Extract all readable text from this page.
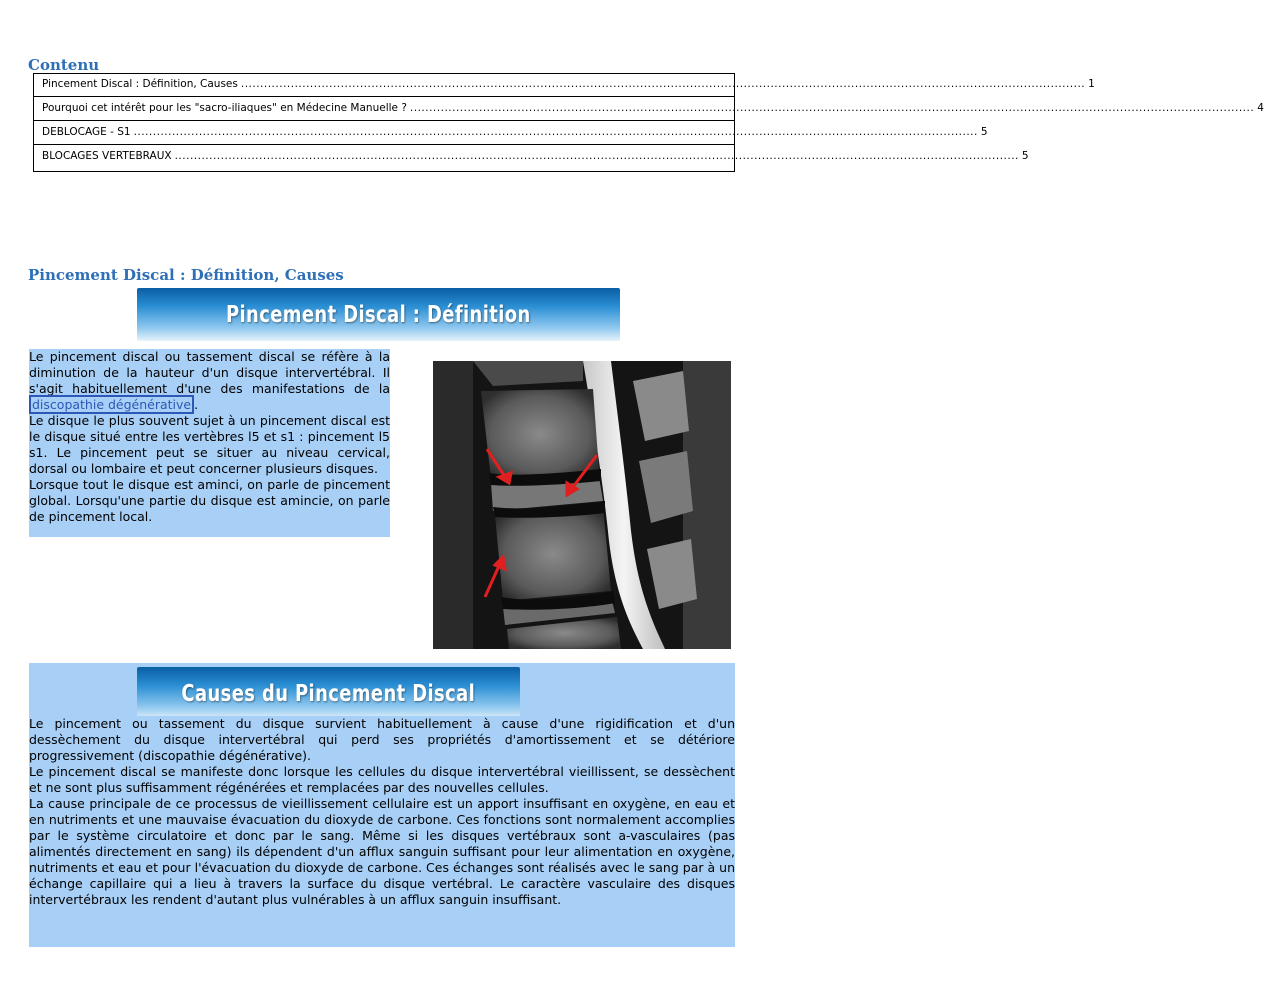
Contenu
Pincement Discal : Définition, Causes ............................................................................................................................................................................................................................ 1
Pourquoi cet intérêt pour les "sacro-iliaques" en Médecine Manuelle ? ............................................................................................................................................................................................................................ 4
DEBLOCAGE - S1 ............................................................................................................................................................................................................................ 5
BLOCAGES VERTEBRAUX ............................................................................................................................................................................................................................ 5
Pincement Discal : Définition, Causes
Pincement Discal : Définition

Le pincement discal ou tassement discal se réfère à la diminution de la hauteur d'un disque intervertébral. Il s'agit habituellement d'une des manifestations de la discopathie dégénérative .

Le disque le plus souvent sujet à un pincement discal est le disque situé entre les vertèbres l5 et s1 : pincement l5 s1. Le pincement peut se situer au niveau cervical, dorsal ou lombaire et peut concerner plusieurs disques.

Lorsque tout le disque est aminci, on parle de pincement global. Lorsqu'une partie du disque est amincie, on parle de pincement local.

Causes du Pincement Discal

Le pincement ou tassement du disque survient habituellement à cause d'une rigidification et d'un dessèchement du disque intervertébral qui perd ses propriétés d'amortissement et se détériore progressivement (discopathie dégénérative).

Le pincement discal se manifeste donc lorsque les cellules du disque intervertébral vieillissent, se dessèchent et ne sont plus suffisamment régénérées et remplacées par des nouvelles cellules.

La cause principale de ce processus de vieillissement cellulaire est un apport insuffisant en oxygène, en eau et en nutriments et une mauvaise évacuation du dioxyde de carbone. Ces fonctions sont normalement accomplies par le système circulatoire et donc par le sang. Même si les disques vertébraux sont a-vasculaires (pas alimentés directement en sang) ils dépendent d'un afflux sanguin suffisant pour leur alimentation en oxygène, nutriments et eau et pour l'évacuation du dioxyde de carbone. Ces échanges sont réalisés avec le sang par à un échange capillaire qui a lieu à travers la surface du disque vertébral. Le caractère vasculaire des disques intervertébraux les rendent d'autant plus vulnérables à un afflux sanguin insuffisant.
